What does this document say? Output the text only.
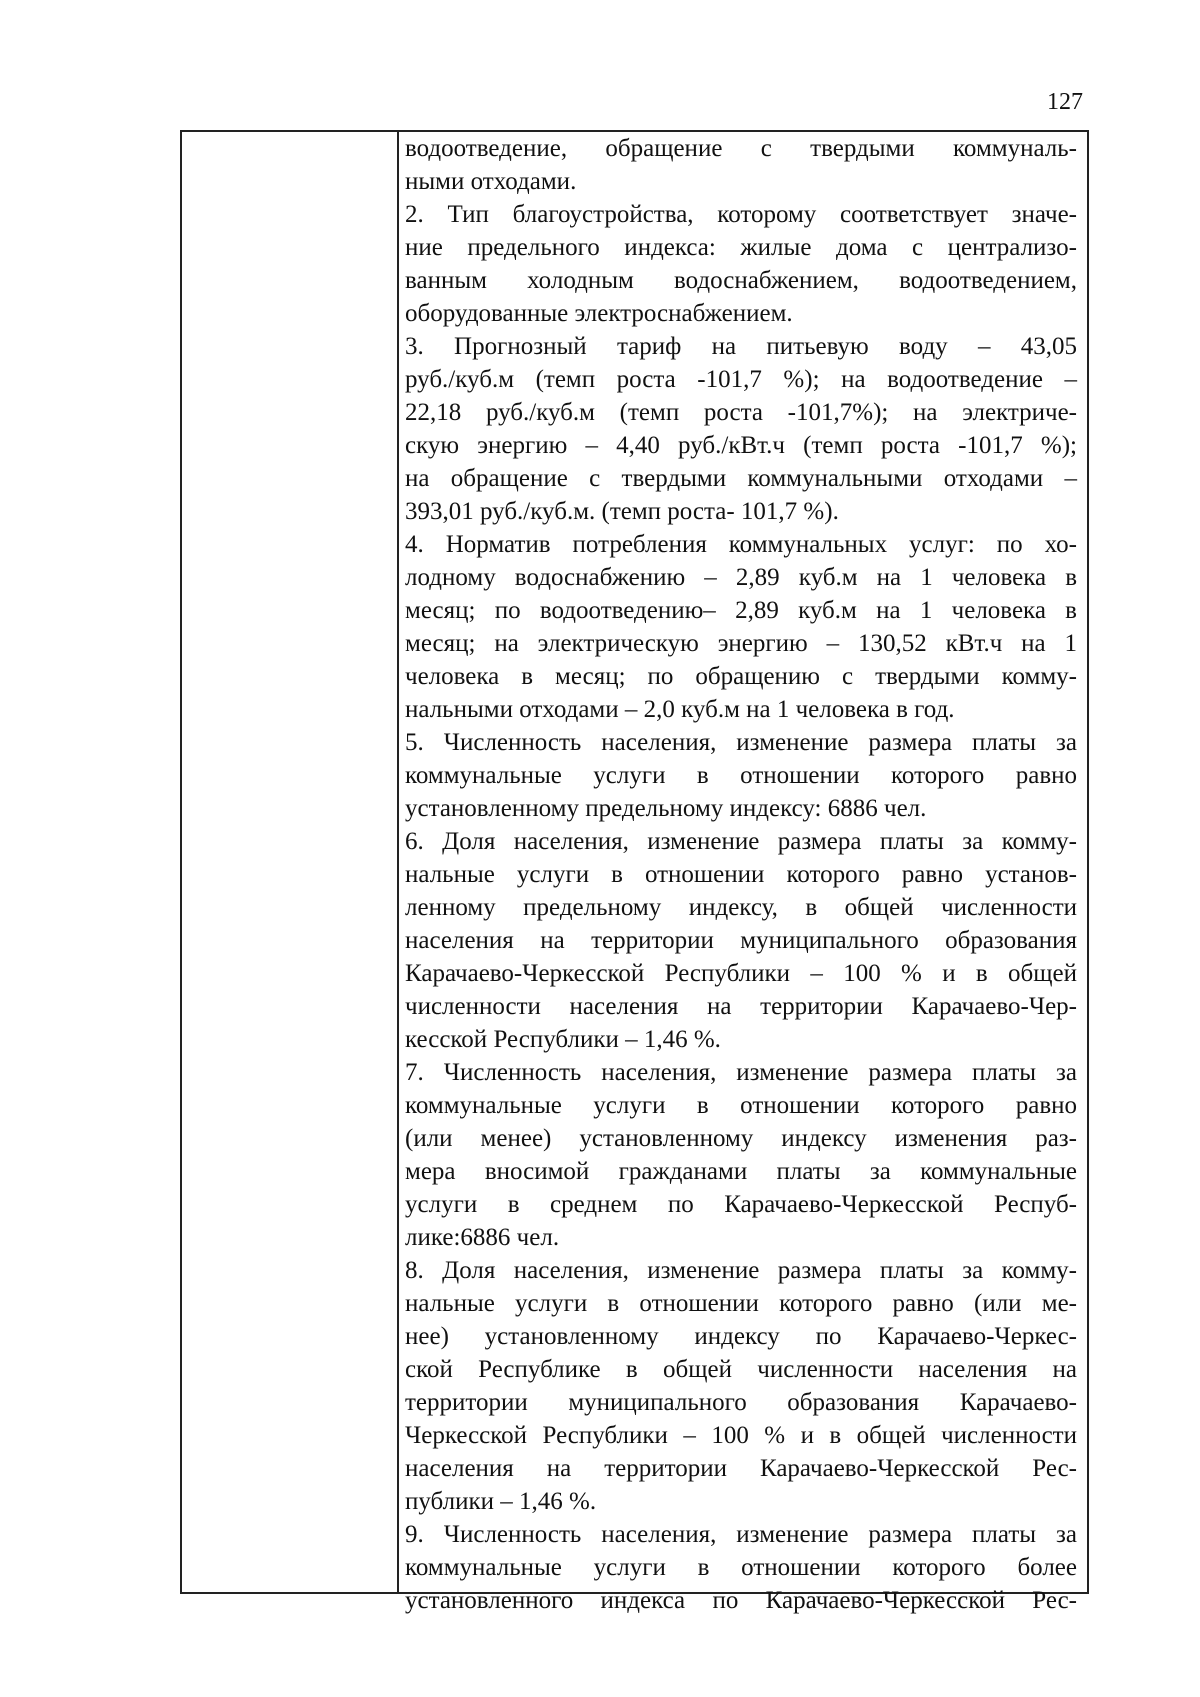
127
водоотведение, обращение с твердыми коммуналь-
ными отходами.
2. Тип благоустройства, которому соответствует значе-
ние предельного индекса: жилые дома с централизо-
ванным холодным водоснабжением, водоотведением,
оборудованные электроснабжением.
3. Прогнозный тариф на питьевую воду – 43,05
руб./куб.м (темп роста -101,7 %); на водоотведение –
22,18 руб./куб.м (темп роста -101,7%); на электриче-
скую энергию – 4,40 руб./кВт.ч (темп роста -101,7 %);
на обращение с твердыми коммунальными отходами –
393,01 руб./куб.м. (темп роста- 101,7 %).
4. Норматив потребления коммунальных услуг: по хо-
лодному водоснабжению – 2,89 куб.м на 1 человека в
месяц; по водоотведению– 2,89 куб.м на 1 человека в
месяц; на электрическую энергию – 130,52 кВт.ч на 1
человека в месяц; по обращению с твердыми комму-
нальными отходами – 2,0 куб.м на 1 человека в год.
5. Численность населения, изменение размера платы за
коммунальные услуги в отношении которого равно
установленному предельному индексу: 6886 чел.
6. Доля населения, изменение размера платы за комму-
нальные услуги в отношении которого равно установ-
ленному предельному индексу, в общей численности
населения на территории муниципального образования
Карачаево-Черкесской Республики – 100 % и в общей
численности населения на территории Карачаево-Чер-
кесской Республики – 1,46 %.
7. Численность населения, изменение размера платы за
коммунальные услуги в отношении которого равно
(или менее) установленному индексу изменения раз-
мера вносимой гражданами платы за коммунальные
услуги в среднем по Карачаево-Черкесской Респуб-
лике:6886 чел.
8. Доля населения, изменение размера платы за комму-
нальные услуги в отношении которого равно (или ме-
нее) установленному индексу по Карачаево-Черкес-
ской Республике в общей численности населения на
территории муниципального образования Карачаево-
Черкесской Республики – 100 % и в общей численности
населения на территории Карачаево-Черкесской Рес-
публики – 1,46 %.
9. Численность населения, изменение размера платы за
коммунальные услуги в отношении которого более
установленного индекса по Карачаево-Черкесской Рес-
